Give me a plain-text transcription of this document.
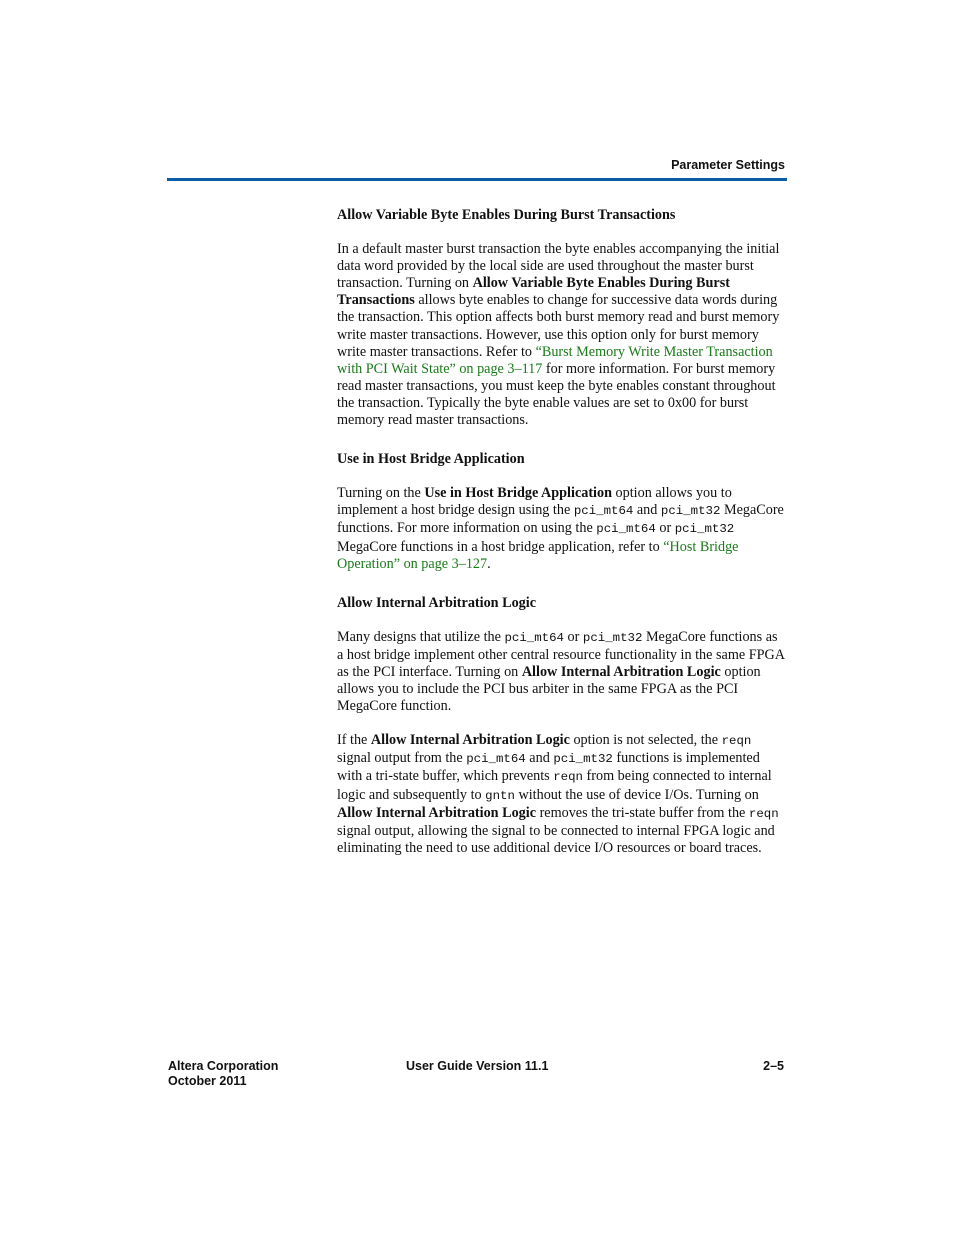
Parameter Settings

Allow Variable Byte Enables During Burst Transactions

In a default master burst transaction the byte enables accompanying the initial data word provided by the local side are used throughout the master burst transaction. Turning on Allow Variable Byte Enables During Burst Transactions allows byte enables to change for successive data words during the transaction. This option affects both burst memory read and burst memory write master transactions. However, use this option only for burst memory write master transactions. Refer to “Burst Memory Write Master Transaction with PCI Wait State” on page 3–117 for more information. For burst memory read master transactions, you must keep the byte enables constant throughout the transaction. Typically the byte enable values are set to 0x00 for burst memory read master transactions.

Use in Host Bridge Application

Turning on the Use in Host Bridge Application option allows you to implement a host bridge design using the pci_mt64 and pci_mt32 MegaCore functions. For more information on using the pci_mt64 or pci_mt32 MegaCore functions in a host bridge application, refer to “Host Bridge Operation” on page 3–127.

Allow Internal Arbitration Logic

Many designs that utilize the pci_mt64 or pci_mt32 MegaCore functions as a host bridge implement other central resource functionality in the same FPGA as the PCI interface. Turning on Allow Internal Arbitration Logic option allows you to include the PCI bus arbiter in the same FPGA as the PCI MegaCore function.

If the Allow Internal Arbitration Logic option is not selected, the reqn signal output from the pci_mt64 and pci_mt32 functions is implemented with a tri-state buffer, which prevents reqn from being connected to internal logic and subsequently to gntn without the use of device I/Os. Turning on Allow Internal Arbitration Logic removes the tri-state buffer from the reqn signal output, allowing the signal to be connected to internal FPGA logic and eliminating the need to use additional device I/O resources or board traces.

Altera Corporation
October 2011
User Guide Version 11.1	2–5
